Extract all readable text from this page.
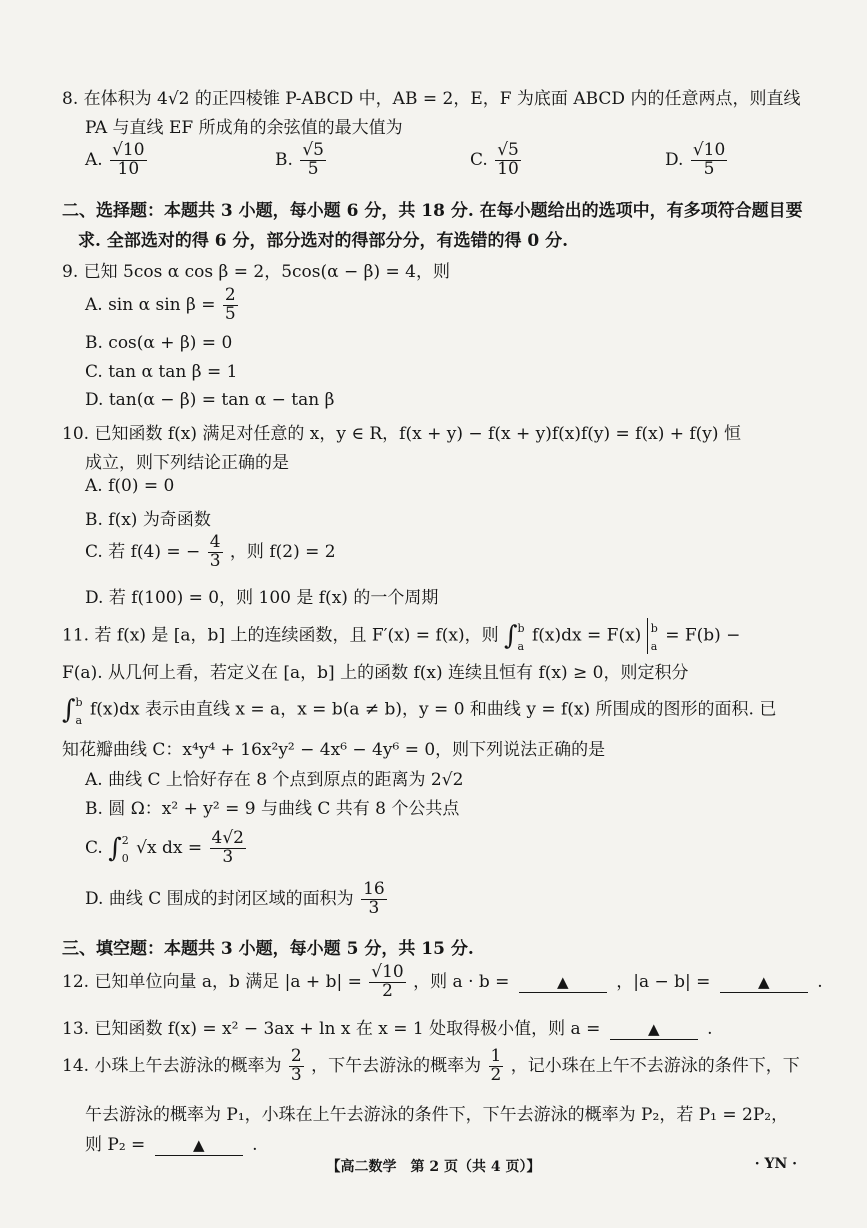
8. 在体积为 4√2 的正四棱锥 P-ABCD 中，AB = 2，E，F 为底面 ABCD 内的任意两点，则直线
PA 与直线 EF 所成角的余弦值的最大值为
A. $\frac{√10}{10}$	B. $\frac{√5}{5}$	C. $\frac{√5}{10}$	D. $\frac{√10}{5}$
二、选择题：本题共 3 小题，每小题 6 分，共 18 分. 在每小题给出的选项中，有多项符合题目要
求. 全部选对的得 6 分，部分选对的得部分分，有选错的得 0 分.
9. 已知 5cos α cos β = 2，5cos(α − β) = 4，则
A. sin α $\sin \beta = \frac{2}{5}$
B. cos(α + β) = 0
C. tan α tan β = 1
D. tan(α − β) = tan α − tan β
10. 已知函数 f(x) 满足对任意的 x，y ∈ R，f(x + y) − f(x + y)f(x)f(y) = f(x) + f(y) 恒
成立，则下列结论正确的是
A. f(0) = 0
B. f(x) 为奇函数
C. 若 f(4) = − $\frac{4}{3}$ ，则 f(2) = 2
D. 若 f(100) = 0，则 100 是 f(x) 的一个周期
11. 若 f(x) 是 [a，b] 上的连续函数，且 F′(x) = f(x)，则 ∫ b
a
f(x)dx = F(x) b
a
= F(b) −
F(a). 从几何上看，若定义在 [a，b] 上的函数 f(x) 连续且恒有 f(x) ≥ 0，则定积分
∫ b
a
f(x)dx 表示由直线 x = a，x = b(a ≠ b)，y = 0 和曲线 y = f(x) 所围成的图形的面积. 已
知花瓣曲线 C：x⁴y⁴ + 16x²y² − 4x⁶ − 4y⁶ = 0，则下列说法正确的是
A. 曲线 C 上恰好存在 8 个点到原点的距离为 2√2
B. 圆 Ω：x² + y² = 9 与曲线 C 共有 8 个公共点
C. ∫ 2
0
√x dx = $\frac{4√2}{3}$
D. 曲线 C 围成的封闭区域的面积为 $\frac{16}{3}$
三、填空题：本题共 3 小题，每小题 5 分，共 15 分.
12. 已知单位向量 a，b 满足 $|a + b| = \frac{√10}{2}$ ，则 a · b =	▲	，|a − b| =	▲	.
13. 已知函数 f(x) = x² − 3ax + ln x 在 x = 1 处取得极小值，则 a =	▲	.
14. 小珠上午去游泳的概率为 $\frac{2}{3}$ ，下午去游泳的概率为 $\frac{1}{2}$ ，记小珠在上午不去游泳的条件下，下
午去游泳的概率为 P₁，小珠在上午去游泳的条件下，下午去游泳的概率为 P₂，若 P₁ = 2P₂，
则 P₂ =	▲	.
【高二数学　第 2 页（共 4 页）】	· YN ·
